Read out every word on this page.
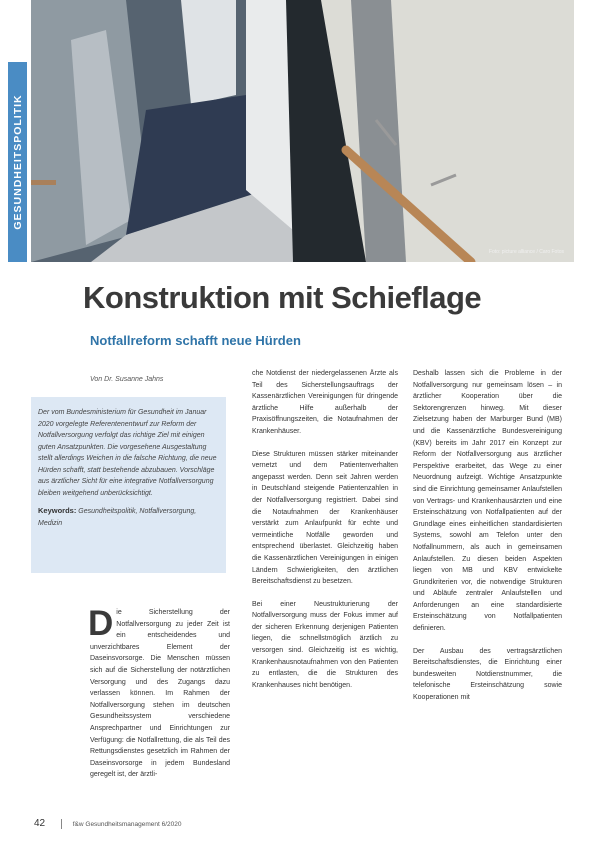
Foto: picture alliance / Caro Fotos
GESUNDHEITSPOLITIK
Konstruktion mit Schieflage
Notfallreform schafft neue Hürden
Von Dr. Susanne Jahns
Der vom Bundesministerium für Gesundheit im Januar 2020 vorgelegte Referentenentwurf zur Reform der Notfallversorgung verfolgt das richtige Ziel mit einigen guten Ansatzpunkten. Die vorgesehene Ausgestaltung stellt allerdings Weichen in die falsche Richtung, die neue Hürden schafft, statt bestehende abzubauen. Vorschläge aus ärztlicher Sicht für eine integrative Notfallversorgung bleiben weitgehend unberücksichtigt.
Keywords: Gesundheitspolitik, Notfallversorgung, Medizin
D ie Sicherstellung der Notfallversorgung zu jeder Zeit ist ein entscheidendes und unverzichtbares Element der Daseinsvorsorge. Die Menschen müssen sich auf die Sicherstellung der notärztlichen Versorgung und des Zugangs dazu verlassen können. Im Rahmen der Notfallversorgung stehen im deutschen Gesundheitssystem verschiedene Ansprechpartner und Einrichtungen zur Verfügung: die Notfallrettung, die als Teil des Rettungsdienstes gesetzlich im Rahmen der Daseinsvorsorge in jedem Bundesland geregelt ist, der ärztli-

che Notdienst der niedergelassenen Ärzte als Teil des Sicherstellungsauftrags der Kassenärztlichen Vereinigungen für dringende ärztliche Hilfe außerhalb der Praxisöffnungszeiten, die Notaufnahmen der Krankenhäuser.

Diese Strukturen müssen stärker miteinander vernetzt und dem Patientenverhalten angepasst werden. Denn seit Jahren werden in Deutschland steigende Patientenzahlen in der Notfallversorgung registriert. Dabei sind die Notaufnahmen der Krankenhäuser verstärkt zum Anlaufpunkt für echte und vermeintliche Notfälle geworden und entsprechend überlastet. Gleichzeitig haben die Kassenärztlichen Vereinigungen in einigen Ländern Schwierigkeiten, den ärztlichen Bereitschaftsdienst zu besetzen.

Bei einer Neustrukturierung der Notfallversorgung muss der Fokus immer auf der sicheren Erkennung derjenigen Patienten liegen, die schnellstmöglich ärztlich zu versorgen sind. Gleichzeitig ist es wichtig, Krankenhausnotaufnahmen von den Patienten zu entlasten, die die Strukturen des Krankenhauses nicht benötigen.

Deshalb lassen sich die Probleme in der Notfallversorgung nur gemeinsam lösen – in ärztlicher Kooperation über die Sektorengrenzen hinweg. Mit dieser Zielsetzung haben der Marburger Bund (MB) und die Kassenärztliche Bundesvereinigung (KBV) bereits im Jahr 2017 ein Konzept zur Reform der Notfallversorgung aus ärztlicher Perspektive erarbeitet, das Wege zu einer Neuordnung aufzeigt. Wichtige Ansatzpunkte sind die Einrichtung gemeinsamer Anlaufstellen von Vertrags- und Krankenhausärzten und eine Ersteinschätzung von Notfallpatienten auf der Grundlage eines einheitlichen standardisierten Systems, sowohl am Telefon unter den Notfallnummern, als auch in gemeinsamen Anlaufstellen. Zu diesen beiden Aspekten liegen von MB und KBV entwickelte Grundkriterien vor, die notwendige Strukturen und Abläufe zentraler Anlaufstellen und Anforderungen an eine standardisierte Ersteinschätzung von Notfallpatienten definieren.

Der Ausbau des vertragsärztlichen Bereitschaftsdienstes, die Einrichtung einer bundesweiten Notdienstnummer, die telefonische Ersteinschätzung sowie Kooperationen mit

42	f&w Gesundheitsmanagement 6/2020
